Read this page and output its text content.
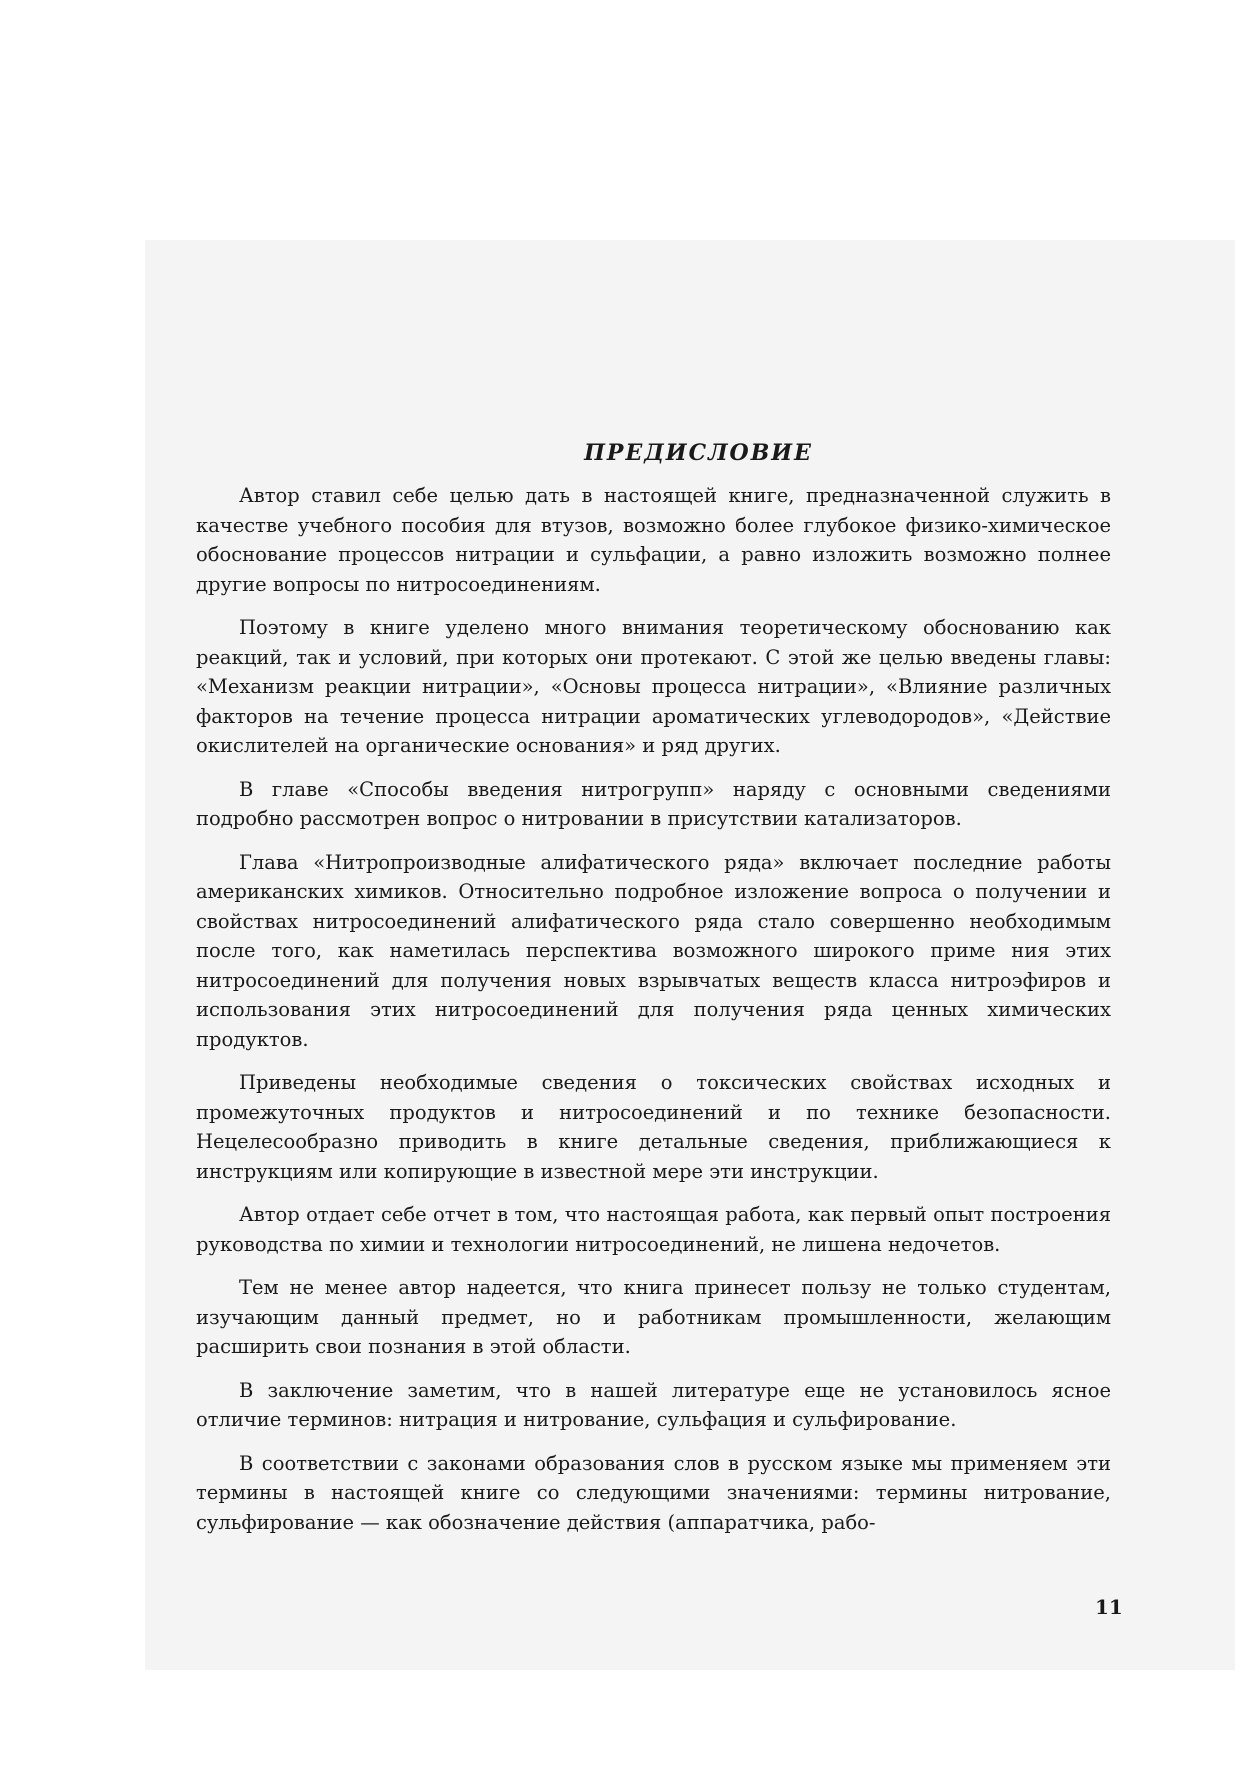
ПРЕДИСЛОВИЕ

Автор ставил себе целью дать в настоящей книге, предназначенной служить в качестве учебного пособия для втузов, возможно более глубокое физико-химическое обоснование процессов нитрации и сульфации, а равно изложить возможно полнее другие вопросы по нитросоединениям.

Поэтому в книге уделено много внимания теоретическому обоснованию как реакций, так и условий, при которых они протекают. С этой же целью введены главы: «Механизм реакции нитрации», «Основы процесса нитрации», «Влияние различных факторов на течение процесса нитрации ароматических углеводородов», «Действие окислителей на органические основания» и ряд других.

В главе «Способы введения нитрогрупп» наряду с основными сведениями подробно рассмотрен вопрос о нитровании в присутствии катализаторов.

Глава «Нитропроизводные алифатического ряда» включает последние работы американских химиков. Относительно подробное изложение вопроса о получении и свойствах нитросоединений алифатического ряда стало совершенно необходимым после того, как наметилась перспектива возможного широкого приме ния этих нитросоединений для получения новых взрывчатых веществ класса нитроэфиров и использования этих нитросоединений для получения ряда ценных химических продуктов.

Приведены необходимые сведения о токсических свойствах исходных и промежуточных продуктов и нитросоединений и по технике безопасности. Нецелесообразно приводить в книге детальные сведения, приближающиеся к инструкциям или копирующие в известной мере эти инструкции.

Автор отдает себе отчет в том, что настоящая работа, как первый опыт построения руководства по химии и технологии нитросоединений, не лишена недочетов.

Тем не менее автор надеется, что книга принесет пользу не только студентам, изучающим данный предмет, но и работникам промышленности, желающим расширить свои познания в этой области.

В заключение заметим, что в нашей литературе еще не установилось ясное отличие терминов: нитрация и нитрование, сульфация и сульфирование.

В соответствии с законами образования слов в русском языке мы применяем эти термины в настоящей книге со следующими значениями: термины нитрование, сульфирование — как обозначение действия (аппаратчика, рабо-

11
